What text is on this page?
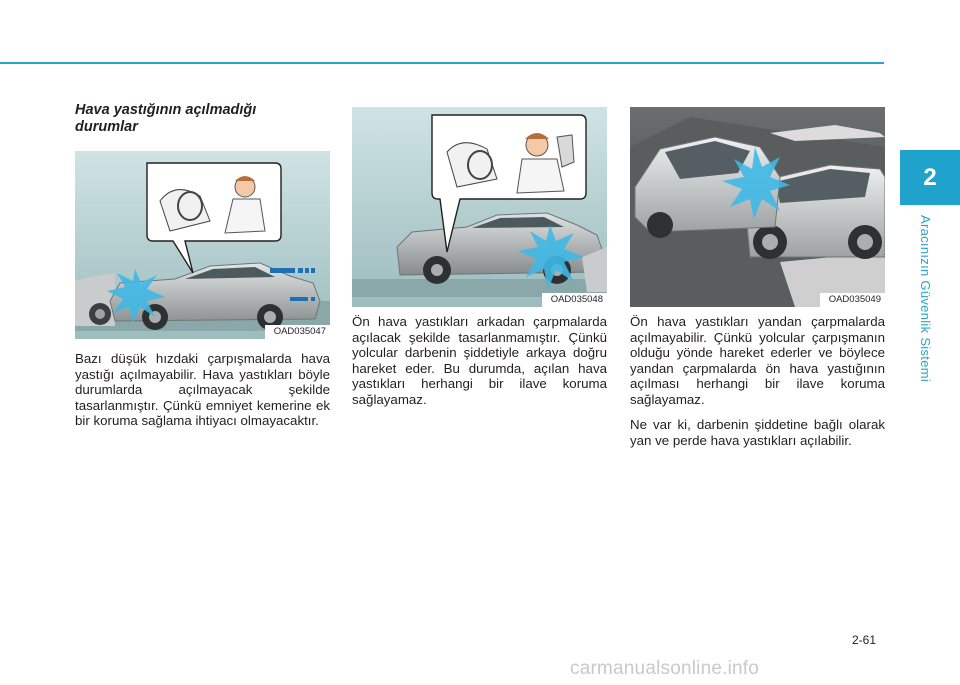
2
Aracınızın Güvenlik Sistemi
Hava yastığının açılmadığı durumlar
OAD035047
OAD035048	OAD035049
Bazı düşük hızdaki çarpışmalarda hava yastığı açılmayabilir. Hava yastıkları böyle durumlarda açılmayacak şekilde tasarlanmıştır. Çünkü emniyet kemerine ek bir koruma sağlama ihtiyacı olmayacaktır.
Ön hava yastıkları arkadan çarpmalarda açılacak şekilde tasarlanmamıştır. Çünkü yolcular darbenin şiddetiyle arkaya doğru hareket eder. Bu durumda, açılan hava yastıkları herhangi bir ilave koruma sağlayamaz.
Ön hava yastıkları yandan çarpmalarda açılmayabilir. Çünkü yolcular çarpışmanın olduğu yönde hareket ederler ve böylece yandan çarpmalarda ön hava yastığının açılması herhangi bir ilave koruma sağlayamaz.
Ne var ki, darbenin şiddetine bağlı olarak yan ve perde hava yastıkları açılabilir.
2-61
carmanualsonline.info
